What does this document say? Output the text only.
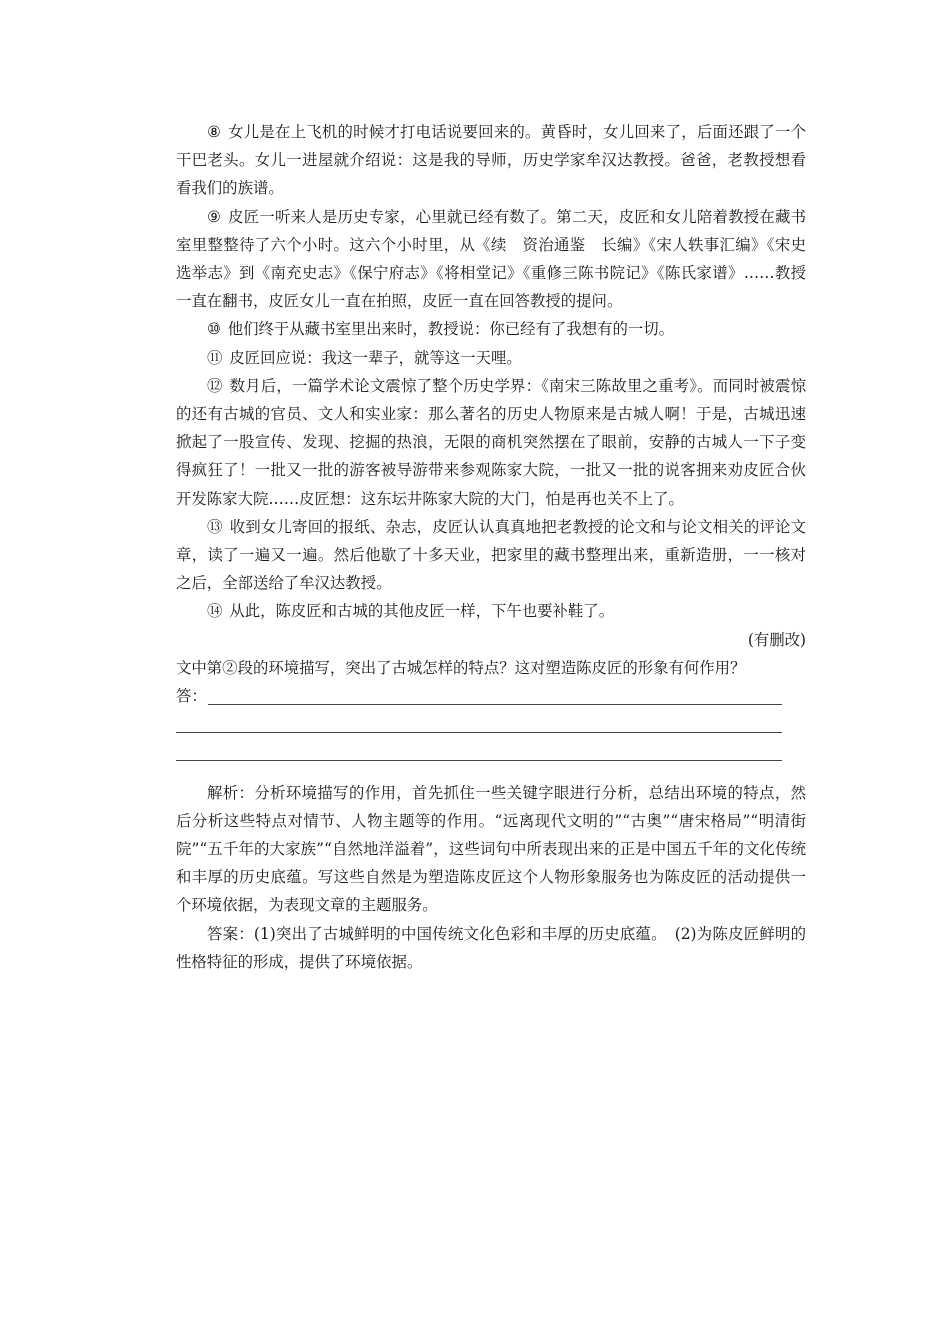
⑧ 女儿是在上飞机的时候才打电话说要回来的。黄昏时，女儿回来了，后面还跟了一个干巴老头。女儿一进屋就介绍说：这是我的导师，历史学家牟汉达教授。爸爸，老教授想看看我们的族谱。

⑨ 皮匠一听来人是历史专家，心里就已经有数了。第二天，皮匠和女儿陪着教授在藏书室里整整待了六个小时。这六个小时里，从《续　资治通鉴　长编》《宋人轶事汇编》《宋史选举志》到《南充史志》《保宁府志》《将相堂记》《重修三陈书院记》《陈氏家谱》……教授一直在翻书，皮匠女儿一直在拍照，皮匠一直在回答教授的提问。

⑩ 他们终于从藏书室里出来时，教授说：你已经有了我想有的一切。

⑪ 皮匠回应说：我这一辈子，就等这一天哩。

⑫ 数月后，一篇学术论文震惊了整个历史学界：《南宋三陈故里之重考》。而同时被震惊的还有古城的官员、文人和实业家：那么著名的历史人物原来是古城人啊！于是，古城迅速掀起了一股宣传、发现、挖掘的热浪，无限的商机突然摆在了眼前，安静的古城人一下子变得疯狂了！一批又一批的游客被导游带来参观陈家大院，一批又一批的说客拥来劝皮匠合伙开发陈家大院……皮匠想：这东坛井陈家大院的大门，怕是再也关不上了。

⑬ 收到女儿寄回的报纸、杂志，皮匠认认真真地把老教授的论文和与论文相关的评论文章，读了一遍又一遍。然后他歇了十多天业，把家里的藏书整理出来，重新造册，一一核对之后，全部送给了牟汉达教授。

⑭ 从此，陈皮匠和古城的其他皮匠一样，下午也要补鞋了。

(有删改)

文中第②段的环境描写，突出了古城怎样的特点？这对塑造陈皮匠的形象有何作用？

答：

解析：分析环境描写的作用，首先抓住一些关键字眼进行分析，总结出环境的特点，然后分析这些特点对情节、人物主题等的作用。“远离现代文明的”“古奥”“唐宋格局”“明清街院”“五千年的大家族”“自然地洋溢着”，这些词句中所表现出来的正是中国五千年的文化传统和丰厚的历史底蕴。写这些自然是为塑造陈皮匠这个人物形象服务也为陈皮匠的活动提供一个环境依据，为表现文章的主题服务。

答案：(1)突出了古城鲜明的中国传统文化色彩和丰厚的历史底蕴。　(2)为陈皮匠鲜明的性格特征的形成，提供了环境依据。
